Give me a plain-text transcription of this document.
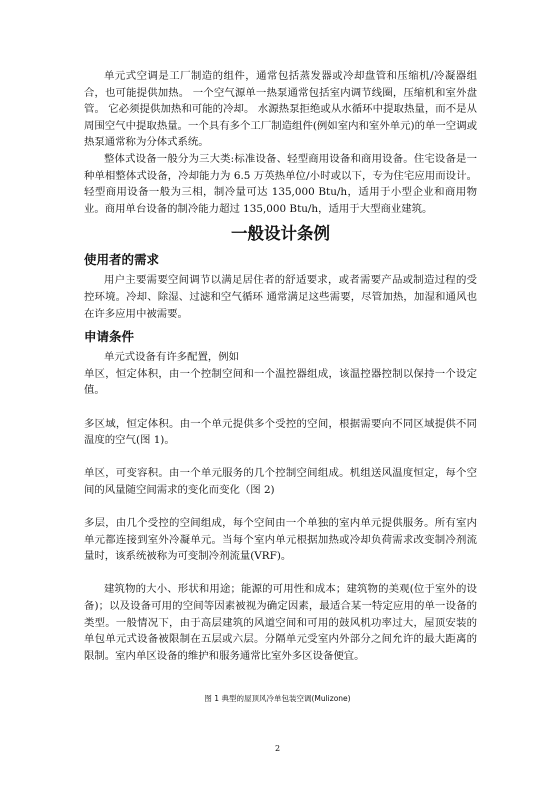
单元式空调是工厂制造的组件，通常包括蒸发器或冷却盘管和压缩机/冷凝器组合，也可能提供加热。 一个空气源单一热泵通常包括室内调节线圈，压缩机和室外盘管。 它必须提供加热和可能的冷却。 水源热泵拒绝或从水循环中提取热量，而不是从周围空气中提取热量。一个具有多个工厂制造组件(例如室内和室外单元)的单一空调或热泵通常称为分体式系统。

整体式设备一般分为三大类:标准设备、轻型商用设备和商用设备。住宅设备是一种单相整体式设备，冷却能力为 6.5 万英热单位/小时或以下，专为住宅应用而设计。轻型商用设备一般为三相，制冷量可达 135,000 Btu/h，适用于小型企业和商用物业。商用单台设备的制冷能力超过 135,000 Btu/h，适用于大型商业建筑。

一般设计条例
使用者的需求

用户主要需要空间调节以满足居住者的舒适要求，或者需要产品或制造过程的受控环境。冷却、除湿、过滤和空气循环 通常满足这些需要，尽管加热，加湿和通风也在许多应用中被需要。

申请条件

单元式设备有许多配置，例如

单区，恒定体积，由一个控制空间和一个温控器组成，该温控器控制以保持一个设定值。

多区域，恒定体积。由一个单元提供多个受控的空间，根据需要向不同区域提供不同温度的空气(图 1)。

单区，可变容积。由一个单元服务的几个控制空间组成。机组送风温度恒定，每个空间的风量随空间需求的变化而变化（图 2)

多层，由几个受控的空间组成，每个空间由一个单独的室内单元提供服务。所有室内单元都连接到室外冷凝单元。当每个室内单元根据加热或冷却负荷需求改变制冷剂流量时，该系统被称为可变制冷剂流量(VRF)。

建筑物的大小、形状和用途；能源的可用性和成本；建筑物的美观(位于室外的设备)；以及设备可用的空间等因素被视为确定因素，最适合某一特定应用的单一设备的类型。一般情况下，由于高层建筑的风道空间和可用的鼓风机功率过大，屋顶安装的单包单元式设备被限制在五层或六层。分隔单元受室内外部分之间允许的最大距离的限制。室内单区设备的维护和服务通常比室外多区设备便宜。

图 1 典型的屋顶风冷单包装空调(Mulizone)
2
